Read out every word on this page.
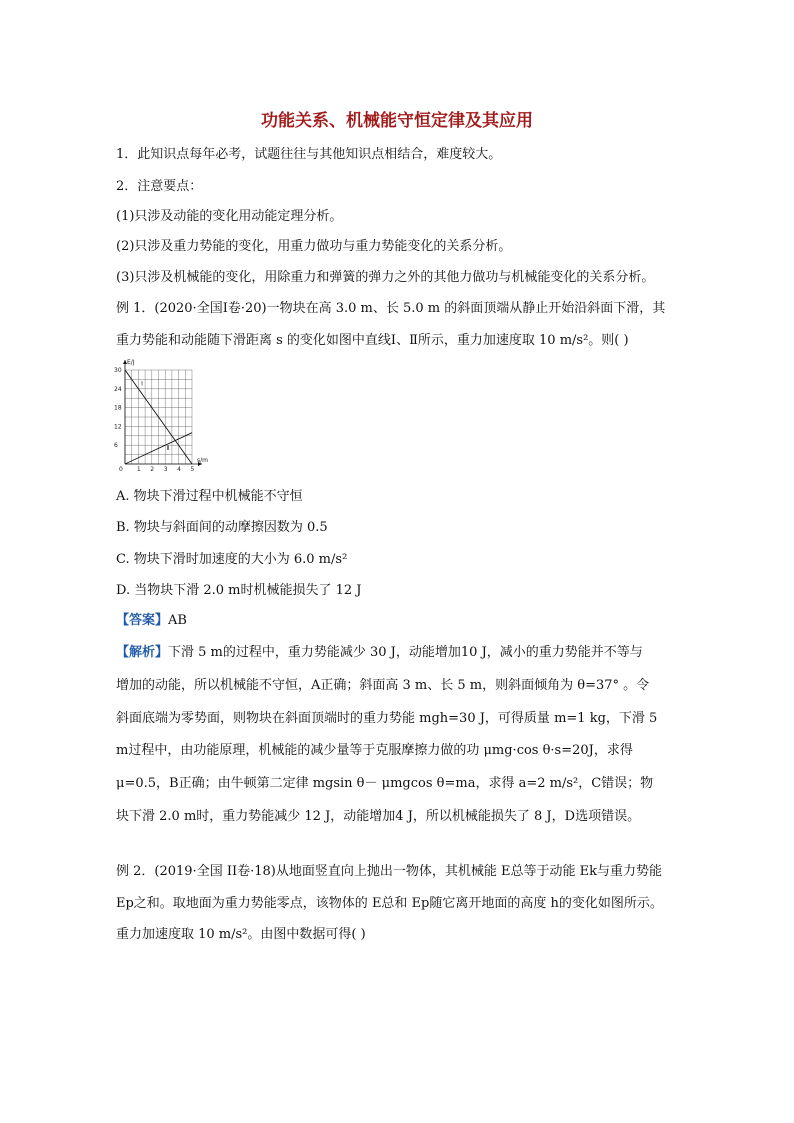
功能关系、机械能守恒定律及其应用
1．此知识点每年必考，试题往往与其他知识点相结合，难度较大。
2．注意要点：
(1)只涉及动能的变化用动能定理分析。
(2)只涉及重力势能的变化，用重力做功与重力势能变化的关系分析。
(3)只涉及机械能的变化，用除重力和弹簧的弹力之外的其他力做功与机械能变化的关系分析。
例 1．(2020·全国Ⅰ卷·20)一物块在高 3.0 m、长 5.0 m 的斜面顶端从静止开始沿斜面下滑，其
重力势能和动能随下滑距离 s 的变化如图中直线Ⅰ、Ⅱ所示，重力加速度取 10 m/s²。则( )
E/J
s/m
0
30
24
18
12
6
1 2 3 4 5
Ⅰ
Ⅱ
A. 物块下滑过程中机械能不守恒
B. 物块与斜面间的动摩擦因数为 0.5
C. 物块下滑时加速度的大小为 6.0 m/s²
D. 当物块下滑 2.0 m时机械能损失了 12 J
【答案】AB
【解析】下滑 5 m的过程中，重力势能减少 30 J，动能增加10 J，减小的重力势能并不等与
增加的动能，所以机械能不守恒，A正确；斜面高 3 m、长 5 m，则斜面倾角为 θ=37° 。令
斜面底端为零势面，则物块在斜面顶端时的重力势能 mgh=30 J，可得质量 m=1 kg，下滑 5
m过程中，由功能原理，机械能的减少量等于克服摩擦力做的功 μmg·cos θ·s=20J，求得
μ=0.5，B正确；由牛顿第二定律 mgsin θ－ μmgcos θ=ma，求得 a=2 m/s²，C错误；物
块下滑 2.0 m时，重力势能减少 12 J，动能增加4 J，所以机械能损失了 8 J，D选项错误。
例 2．(2019·全国 II卷·18)从地面竖直向上抛出一物体，其机械能 E总等于动能 Ek与重力势能
Ep之和。取地面为重力势能零点，该物体的 E总和 Ep随它离开地面的高度 h的变化如图所示。
重力加速度取 10 m/s²。由图中数据可得( )
